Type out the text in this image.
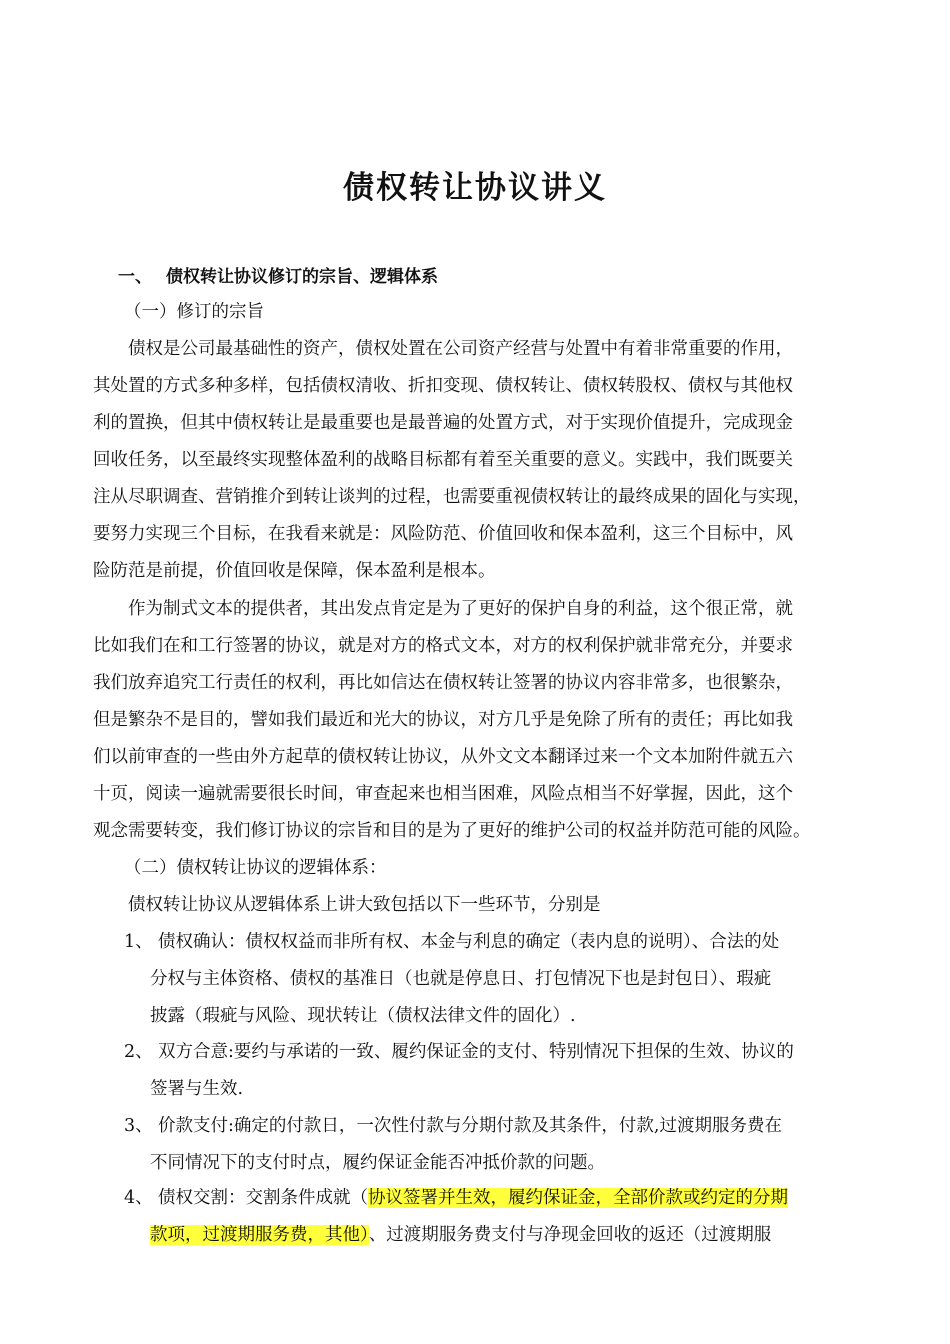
债权转让协议讲义
一、 债权转让协议修订的宗旨、逻辑体系
（一）修订的宗旨
债权是公司最基础性的资产，债权处置在公司资产经营与处置中有着非常重要的作用，
其处置的方式多种多样，包括债权清收、折扣变现、债权转让、债权转股权、债权与其他权
利的置换，但其中债权转让是最重要也是最普遍的处置方式，对于实现价值提升，完成现金
回收任务，以至最终实现整体盈利的战略目标都有着至关重要的意义。实践中，我们既要关
注从尽职调查、营销推介到转让谈判的过程，也需要重视债权转让的最终成果的固化与实现，
要努力实现三个目标，在我看来就是：风险防范、价值回收和保本盈利，这三个目标中，风
险防范是前提，价值回收是保障，保本盈利是根本。
作为制式文本的提供者，其出发点肯定是为了更好的保护自身的利益，这个很正常，就
比如我们在和工行签署的协议，就是对方的格式文本，对方的权利保护就非常充分，并要求
我们放弃追究工行责任的权利，再比如信达在债权转让签署的协议内容非常多，也很繁杂，
但是繁杂不是目的，譬如我们最近和光大的协议，对方几乎是免除了所有的责任；再比如我
们以前审查的一些由外方起草的债权转让协议，从外文文本翻译过来一个文本加附件就五六
十页，阅读一遍就需要很长时间，审查起来也相当困难，风险点相当不好掌握，因此，这个
观念需要转变，我们修订协议的宗旨和目的是为了更好的维护公司的权益并防范可能的风险。
（二）债权转让协议的逻辑体系：
债权转让协议从逻辑体系上讲大致包括以下一些环节，分别是
1、 债权确认：债权权益而非所有权、本金与利息的确定（表内息的说明）、合法的处
分权与主体资格、债权的基准日（也就是停息日、打包情况下也是封包日）、瑕疵
披露（瑕疵与风险、现状转让（债权法律文件的固化）.
2、 双方合意:要约与承诺的一致、履约保证金的支付、特别情况下担保的生效、协议的
签署与生效.
3、 价款支付:确定的付款日，一次性付款与分期付款及其条件，付款,过渡期服务费在
不同情况下的支付时点，履约保证金能否冲抵价款的问题。
4、 债权交割：交割条件成就（协议签署并生效，履约保证金，全部价款或约定的分期
款项，过渡期服务费，其他）、过渡期服务费支付与净现金回收的返还（过渡期服
